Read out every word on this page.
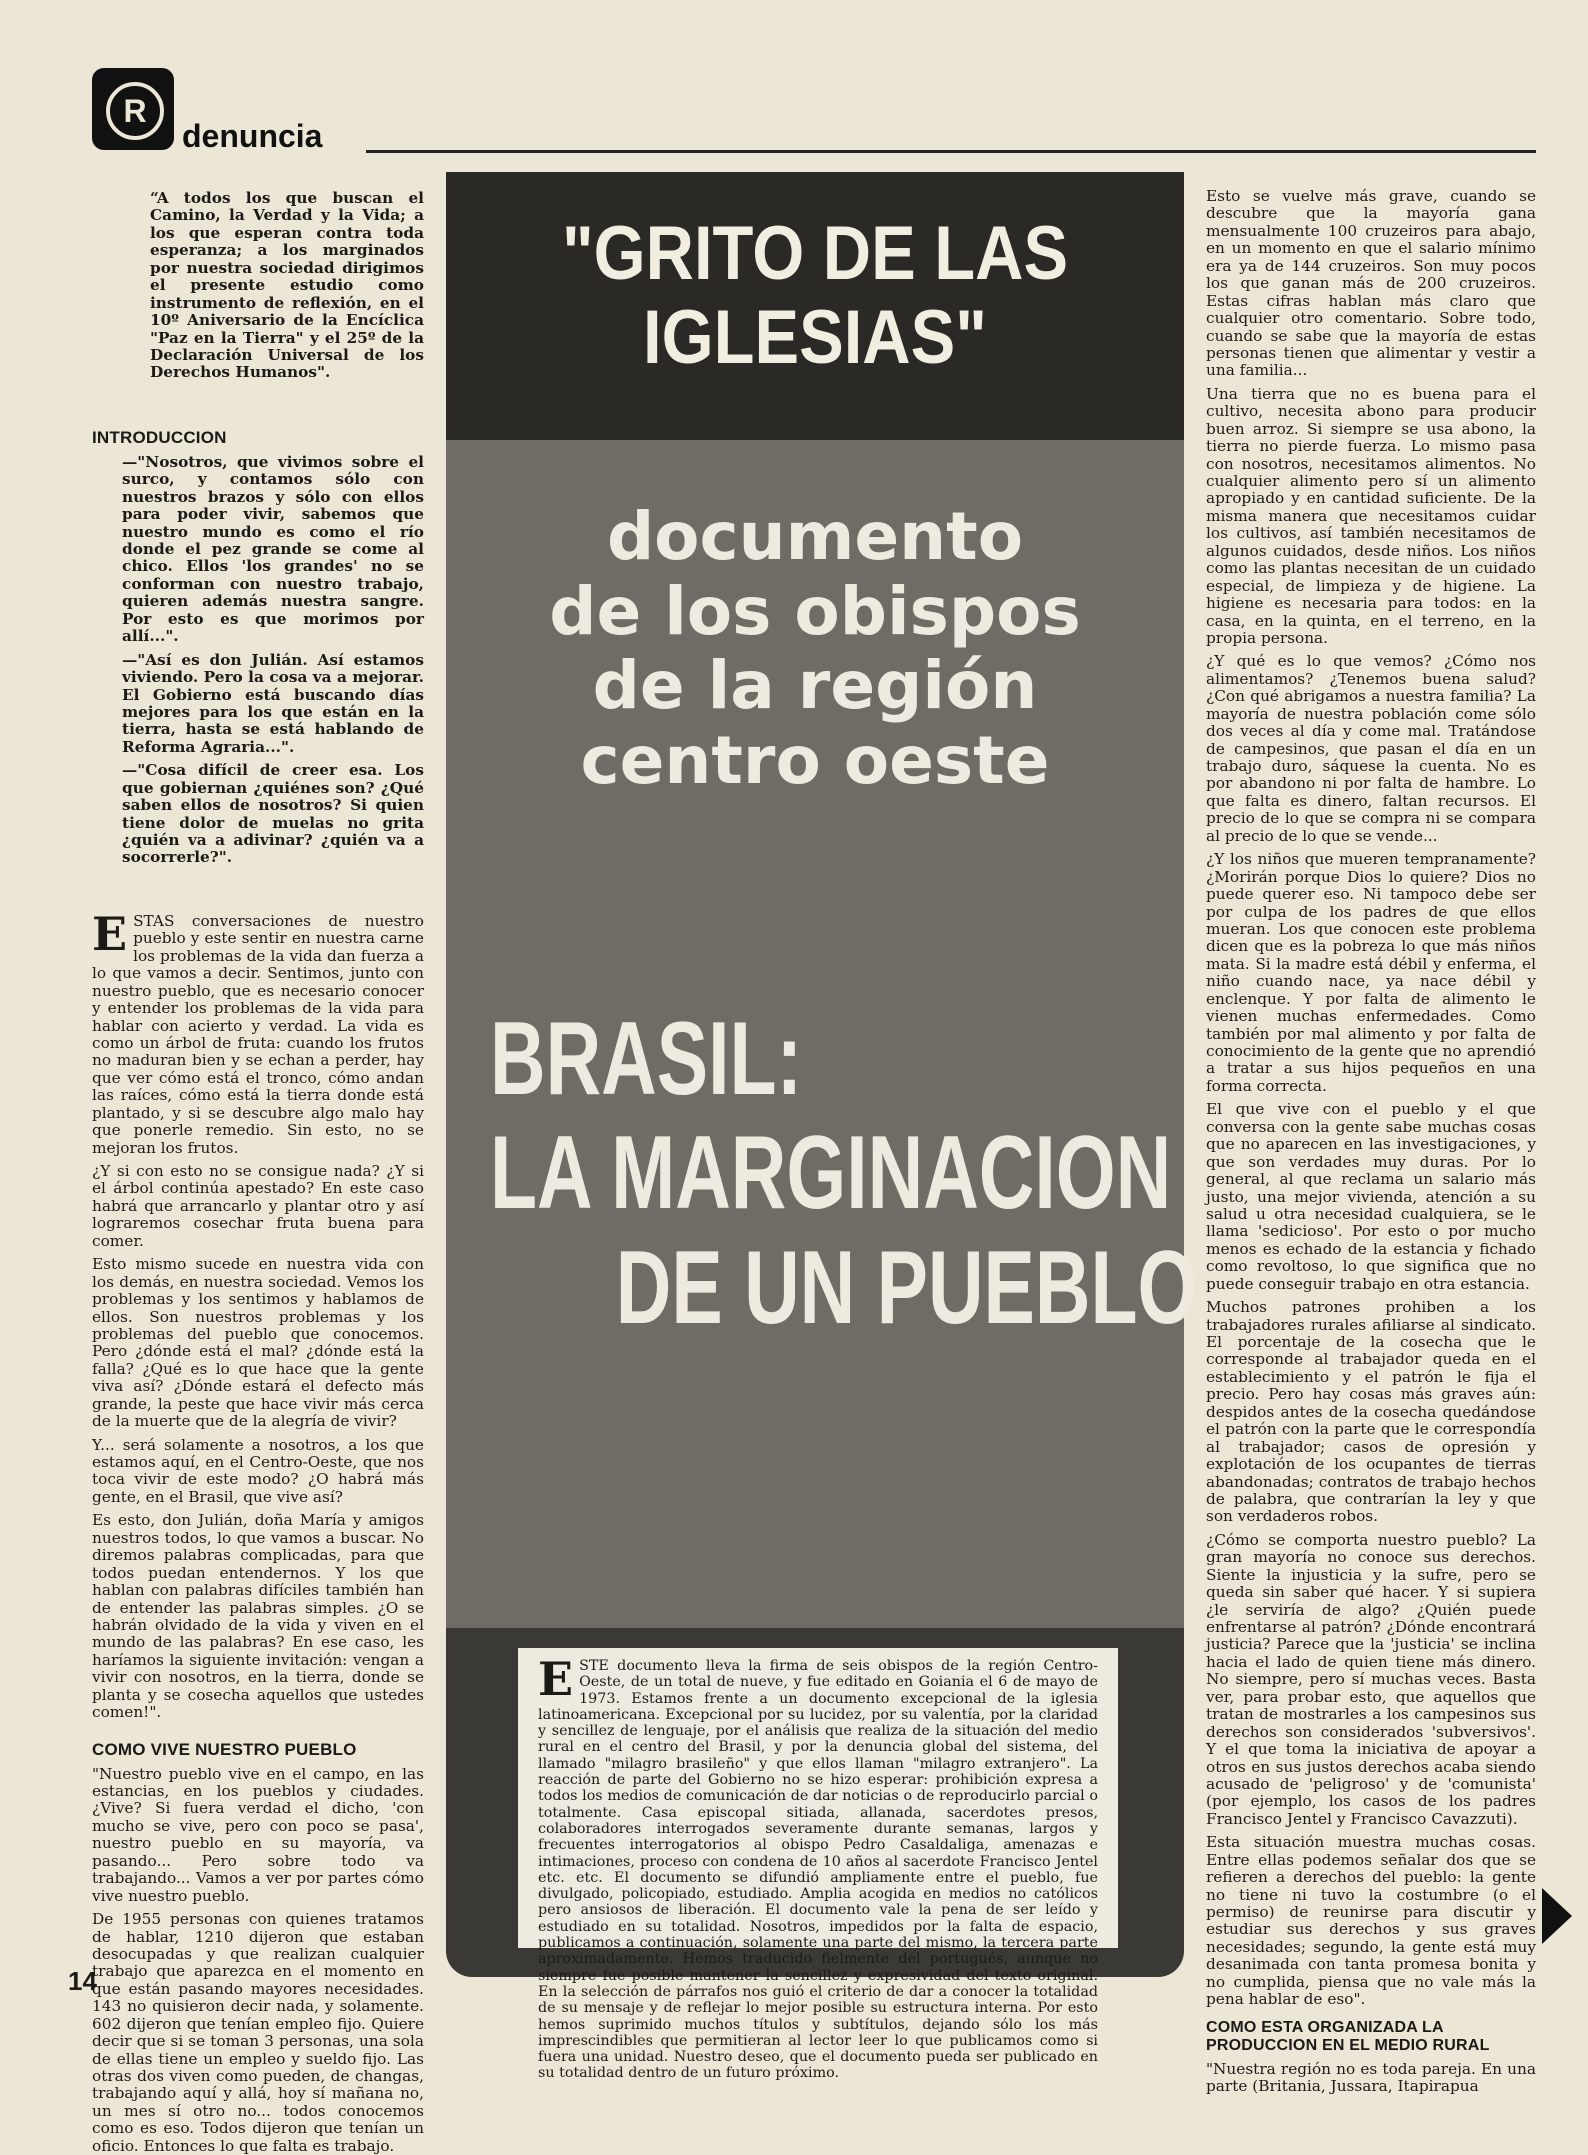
R
denuncia

“A todos los que buscan el Camino, la Verdad y la Vida; a los que esperan contra toda esperanza; a los marginados por nuestra sociedad dirigimos el presente estudio como instrumento de reflexión, en el 10º Aniversario de la Encíclica "Paz en la Tierra" y el 25º de la Declaración Universal de los Derechos Humanos".

INTRODUCCION

—"Nosotros, que vivimos sobre el surco, y contamos sólo con nuestros brazos y sólo con ellos para poder vivir, sabemos que nuestro mundo es como el río donde el pez grande se come al chico. Ellos 'los grandes' no se conforman con nuestro trabajo, quieren además nuestra sangre. Por esto es que morimos por allí...".

—"Así es don Julián. Así estamos viviendo. Pero la cosa va a mejorar. El Gobierno está buscando días mejores para los que están en la tierra, hasta se está hablando de Reforma Agraria...".

—"Cosa difícil de creer esa. Los que gobiernan ¿quiénes son? ¿Qué saben ellos de nosotros? Si quien tiene dolor de muelas no grita ¿quién va a adivinar? ¿quién va a socorrerle?".

ESTAS conversaciones de nuestro pueblo y este sentir en nuestra carne los problemas de la vida dan fuerza a lo que vamos a decir. Sentimos, junto con nuestro pueblo, que es necesario conocer y entender los problemas de la vida para hablar con acierto y verdad. La vida es como un árbol de fruta: cuando los frutos no maduran bien y se echan a perder, hay que ver cómo está el tronco, cómo andan las raíces, cómo está la tierra donde está plantado, y si se descubre algo malo hay que ponerle remedio. Sin esto, no se mejoran los frutos.

¿Y si con esto no se consigue nada? ¿Y si el árbol continúa apestado? En este caso habrá que arrancarlo y plantar otro y así lograremos cosechar fruta buena para comer.

Esto mismo sucede en nuestra vida con los demás, en nuestra sociedad. Vemos los problemas y los sentimos y hablamos de ellos. Son nuestros problemas y los problemas del pueblo que conocemos. Pero ¿dónde está el mal? ¿dónde está la falla? ¿Qué es lo que hace que la gente viva así? ¿Dónde estará el defecto más grande, la peste que hace vivir más cerca de la muerte que de la alegría de vivir?

Y... será solamente a nosotros, a los que estamos aquí, en el Centro-Oeste, que nos toca vivir de este modo? ¿O habrá más gente, en el Brasil, que vive así?

Es esto, don Julián, doña María y amigos nuestros todos, lo que vamos a buscar. No diremos palabras complicadas, para que todos puedan entendernos. Y los que hablan con palabras difíciles también han de entender las palabras simples. ¿O se habrán olvidado de la vida y viven en el mundo de las palabras? En ese caso, les haríamos la siguiente invitación: vengan a vivir con nosotros, en la tierra, donde se planta y se cosecha aquellos que ustedes comen!".

COMO VIVE NUESTRO PUEBLO

"Nuestro pueblo vive en el campo, en las estancias, en los pueblos y ciudades. ¿Vive? Si fuera verdad el dicho, 'con mucho se vive, pero con poco se pasa', nuestro pueblo en su mayoría, va pasando... Pero sobre todo va trabajando... Vamos a ver por partes cómo vive nuestro pueblo.

De 1955 personas con quienes tratamos de hablar, 1210 dijeron que estaban desocupadas y que realizan cualquier trabajo que aparezca en el momento en que están pasando mayores necesidades. 143 no quisieron decir nada, y solamente. 602 dijeron que tenían empleo fijo. Quiere decir que si se toman 3 personas, una sola de ellas tiene un empleo y sueldo fijo. Las otras dos viven como pueden, de changas, trabajando aquí y allá, hoy sí mañana no, un mes sí otro no... todos conocemos como es eso. Todos dijeron que tenían un oficio. Entonces lo que falta es trabajo.

"GRITO DE LAS IGLESIAS"
documento
de los obispos
de la región
centro oeste
BRASIL:
LA MARGINACION
DE UN PUEBLO

ESTE documento lleva la firma de seis obispos de la región Centro-Oeste, de un total de nueve, y fue editado en Goiania el 6 de mayo de 1973. Estamos frente a un documento excepcional de la iglesia latinoamericana. Excepcional por su lucidez, por su valentía, por la claridad y sencillez de lenguaje, por el análisis que realiza de la situación del medio rural en el centro del Brasil, y por la denuncia global del sistema, del llamado "milagro brasileño" y que ellos llaman "milagro extranjero". La reacción de parte del Gobierno no se hizo esperar: prohibición expresa a todos los medios de comunicación de dar noticias o de reproducirlo parcial o totalmente. Casa episcopal sitiada, allanada, sacerdotes presos, colaboradores interrogados severamente durante semanas, largos y frecuentes interrogatorios al obispo Pedro Casaldaliga, amenazas e intimaciones, proceso con condena de 10 años al sacerdote Francisco Jentel etc. etc. El documento se difundió ampliamente entre el pueblo, fue divulgado, policopiado, estudiado. Amplia acogida en medios no católicos pero ansiosos de liberación. El documento vale la pena de ser leído y estudiado en su totalidad. Nosotros, impedidos por la falta de espacio, publicamos a continuación, solamente una parte del mismo, la tercera parte aproximadamente. Hemos traducido fielmente del portugués, aunque no siempre fue posible mantener la sencillez y expresividad del texto original. En la selección de párrafos nos guió el criterio de dar a conocer la totalidad de su mensaje y de reflejar lo mejor posible su estructura interna. Por esto hemos suprimido muchos títulos y subtítulos, dejando sólo los más imprescindibles que permitieran al lector leer lo que publicamos como si fuera una unidad. Nuestro deseo, que el documento pueda ser publicado en su totalidad dentro de un futuro próximo.

Esto se vuelve más grave, cuando se descubre que la mayoría gana mensualmente 100 cruzeiros para abajo, en un momento en que el salario mínimo era ya de 144 cruzeiros. Son muy pocos los que ganan más de 200 cruzeiros. Estas cifras hablan más claro que cualquier otro comentario. Sobre todo, cuando se sabe que la mayoría de estas personas tienen que alimentar y vestir a una familia...

Una tierra que no es buena para el cultivo, necesita abono para producir buen arroz. Si siempre se usa abono, la tierra no pierde fuerza. Lo mismo pasa con nosotros, necesitamos alimentos. No cualquier alimento pero sí un alimento apropiado y en cantidad suficiente. De la misma manera que necesitamos cuidar los cultivos, así también necesitamos de algunos cuidados, desde niños. Los niños como las plantas necesitan de un cuidado especial, de limpieza y de higiene. La higiene es necesaria para todos: en la casa, en la quinta, en el terreno, en la propia persona.

¿Y qué es lo que vemos? ¿Cómo nos alimentamos? ¿Tenemos buena salud? ¿Con qué abrigamos a nuestra familia? La mayoría de nuestra población come sólo dos veces al día y come mal. Tratándose de campesinos, que pasan el día en un trabajo duro, sáquese la cuenta. No es por abandono ni por falta de hambre. Lo que falta es dinero, faltan recursos. El precio de lo que se compra ni se compara al precio de lo que se vende...

¿Y los niños que mueren tempranamente? ¿Morirán porque Dios lo quiere? Dios no puede querer eso. Ni tampoco debe ser por culpa de los padres de que ellos mueran. Los que conocen este problema dicen que es la pobreza lo que más niños mata. Si la madre está débil y enferma, el niño cuando nace, ya nace débil y enclenque. Y por falta de alimento le vienen muchas enfermedades. Como también por mal alimento y por falta de conocimiento de la gente que no aprendió a tratar a sus hijos pequeños en una forma correcta.

El que vive con el pueblo y el que conversa con la gente sabe muchas cosas que no aparecen en las investigaciones, y que son verdades muy duras. Por lo general, al que reclama un salario más justo, una mejor vivienda, atención a su salud u otra necesidad cualquiera, se le llama 'sedicioso'. Por esto o por mucho menos es echado de la estancia y fichado como revoltoso, lo que significa que no puede conseguir trabajo en otra estancia.

Muchos patrones prohiben a los trabajadores rurales afiliarse al sindicato. El porcentaje de la cosecha que le corresponde al trabajador queda en el establecimiento y el patrón le fija el precio. Pero hay cosas más graves aún: despidos antes de la cosecha quedándose el patrón con la parte que le correspondía al trabajador; casos de opresión y explotación de los ocupantes de tierras abandonadas; contratos de trabajo hechos de palabra, que contrarían la ley y que son verdaderos robos.

¿Cómo se comporta nuestro pueblo? La gran mayoría no conoce sus derechos. Siente la injusticia y la sufre, pero se queda sin saber qué hacer. Y si supiera ¿le serviría de algo? ¿Quién puede enfrentarse al patrón? ¿Dónde encontrará justicia? Parece que la 'justicia' se inclina hacia el lado de quien tiene más dinero. No siempre, pero sí muchas veces. Basta ver, para probar esto, que aquellos que tratan de mostrarles a los campesinos sus derechos son considerados 'subversivos'. Y el que toma la iniciativa de apoyar a otros en sus justos derechos acaba siendo acusado de 'peligroso' y de 'comunista' (por ejemplo, los casos de los padres Francisco Jentel y Francisco Cavazzuti).

Esta situación muestra muchas cosas. Entre ellas podemos señalar dos que se refieren a derechos del pueblo: la gente no tiene ni tuvo la costumbre (o el permiso) de reunirse para discutir y estudiar sus derechos y sus graves necesidades; segundo, la gente está muy desanimada con tanta promesa bonita y no cumplida, piensa que no vale más la pena hablar de eso".

COMO ESTA ORGANIZADA LA PRODUCCION EN EL MEDIO RURAL

"Nuestra región no es toda pareja. En una parte (Britania, Jussara, Itapirapua

14
